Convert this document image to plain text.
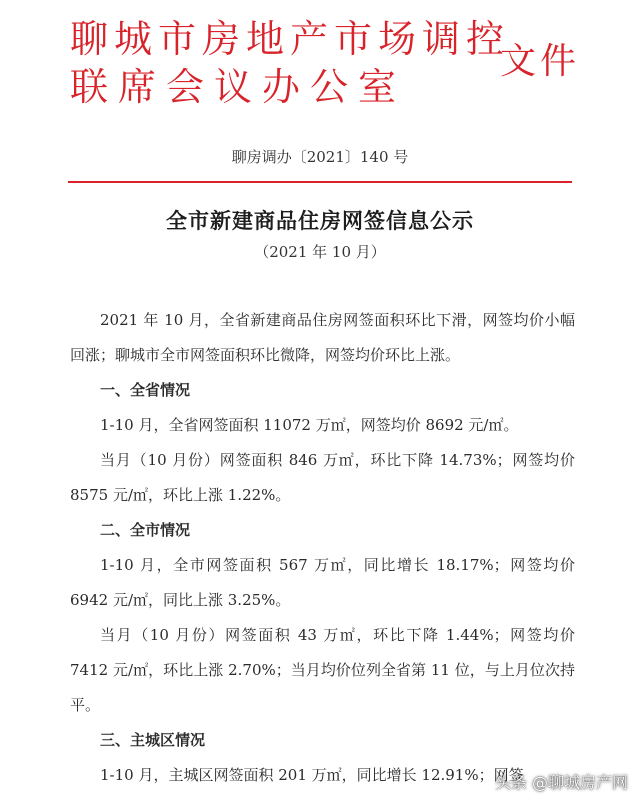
聊城市房地产市场调控
联席会议办公室
文件
聊房调办〔2021〕140 号
全市新建商品住房网签信息公示
（2021 年 10 月）

2021 年 10 月，全省新建商品住房网签面积环比下滑，网签均价小幅回涨；聊城市全市网签面积环比微降，网签均价环比上涨。

一、全省情况

1-10 月，全省网签面积 11072 万㎡，网签均价 8692 元/㎡。

当月（10 月份）网签面积 846 万㎡，环比下降 14.73%；网签均价 8575 元/㎡，环比上涨 1.22%。

二、全市情况

1-10 月，全市网签面积 567 万㎡，同比增长 18.17%；网签均价 6942 元/㎡，同比上涨 3.25%。

当月（10 月份）网签面积 43 万㎡，环比下降 1.44%；网签均价 7412 元/㎡，环比上涨 2.70%；当月均价位列全省第 11 位，与上月位次持平。

三、主城区情况

1-10 月，主城区网签面积 201 万㎡，同比增长 12.91%；网签

头条 @聊城房产网
